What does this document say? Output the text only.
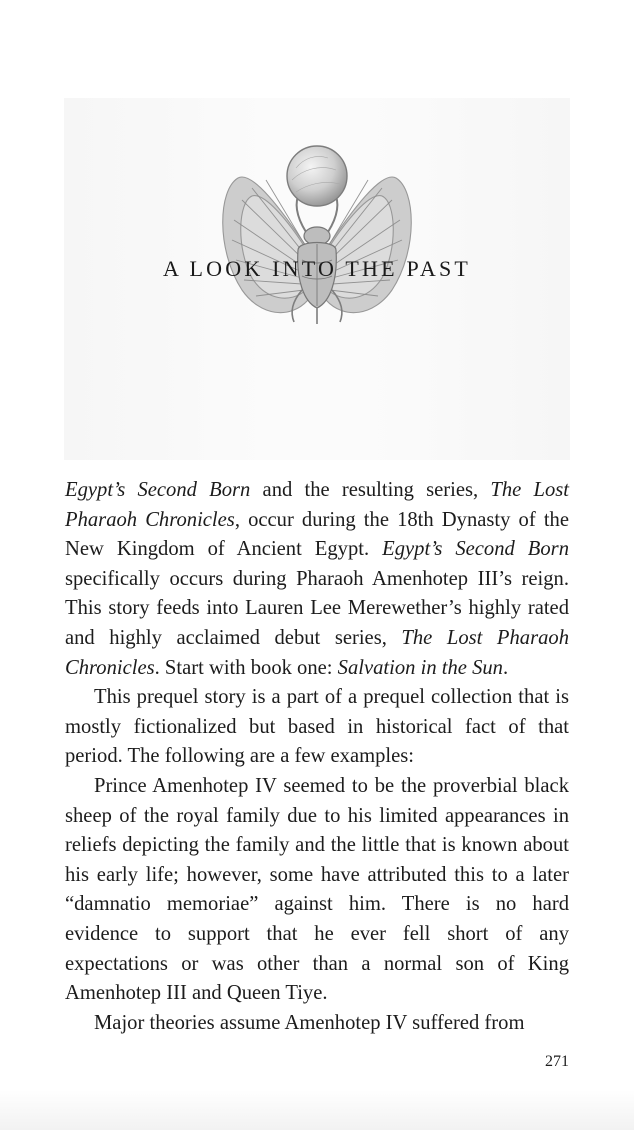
A LOOK INTO THE PAST

Egypt’s Second Born and the resulting series, The Lost Pharaoh Chronicles, occur during the 18th Dynasty of the New Kingdom of Ancient Egypt. Egypt’s Second Born specifically occurs during Pharaoh Amenhotep III’s reign. This story feeds into Lauren Lee Merewether’s highly rated and highly acclaimed debut series, The Lost Pharaoh Chronicles. Start with book one: Salvation in the Sun.

This prequel story is a part of a prequel collection that is mostly fictionalized but based in historical fact of that period. The following are a few examples:

Prince Amenhotep IV seemed to be the proverbial black sheep of the royal family due to his limited appearances in reliefs depicting the family and the little that is known about his early life; however, some have attributed this to a later “damnatio memoriae” against him. There is no hard evidence to support that he ever fell short of any expectations or was other than a normal son of King Amenhotep III and Queen Tiye.

Major theories assume Amenhotep IV suffered from

271
